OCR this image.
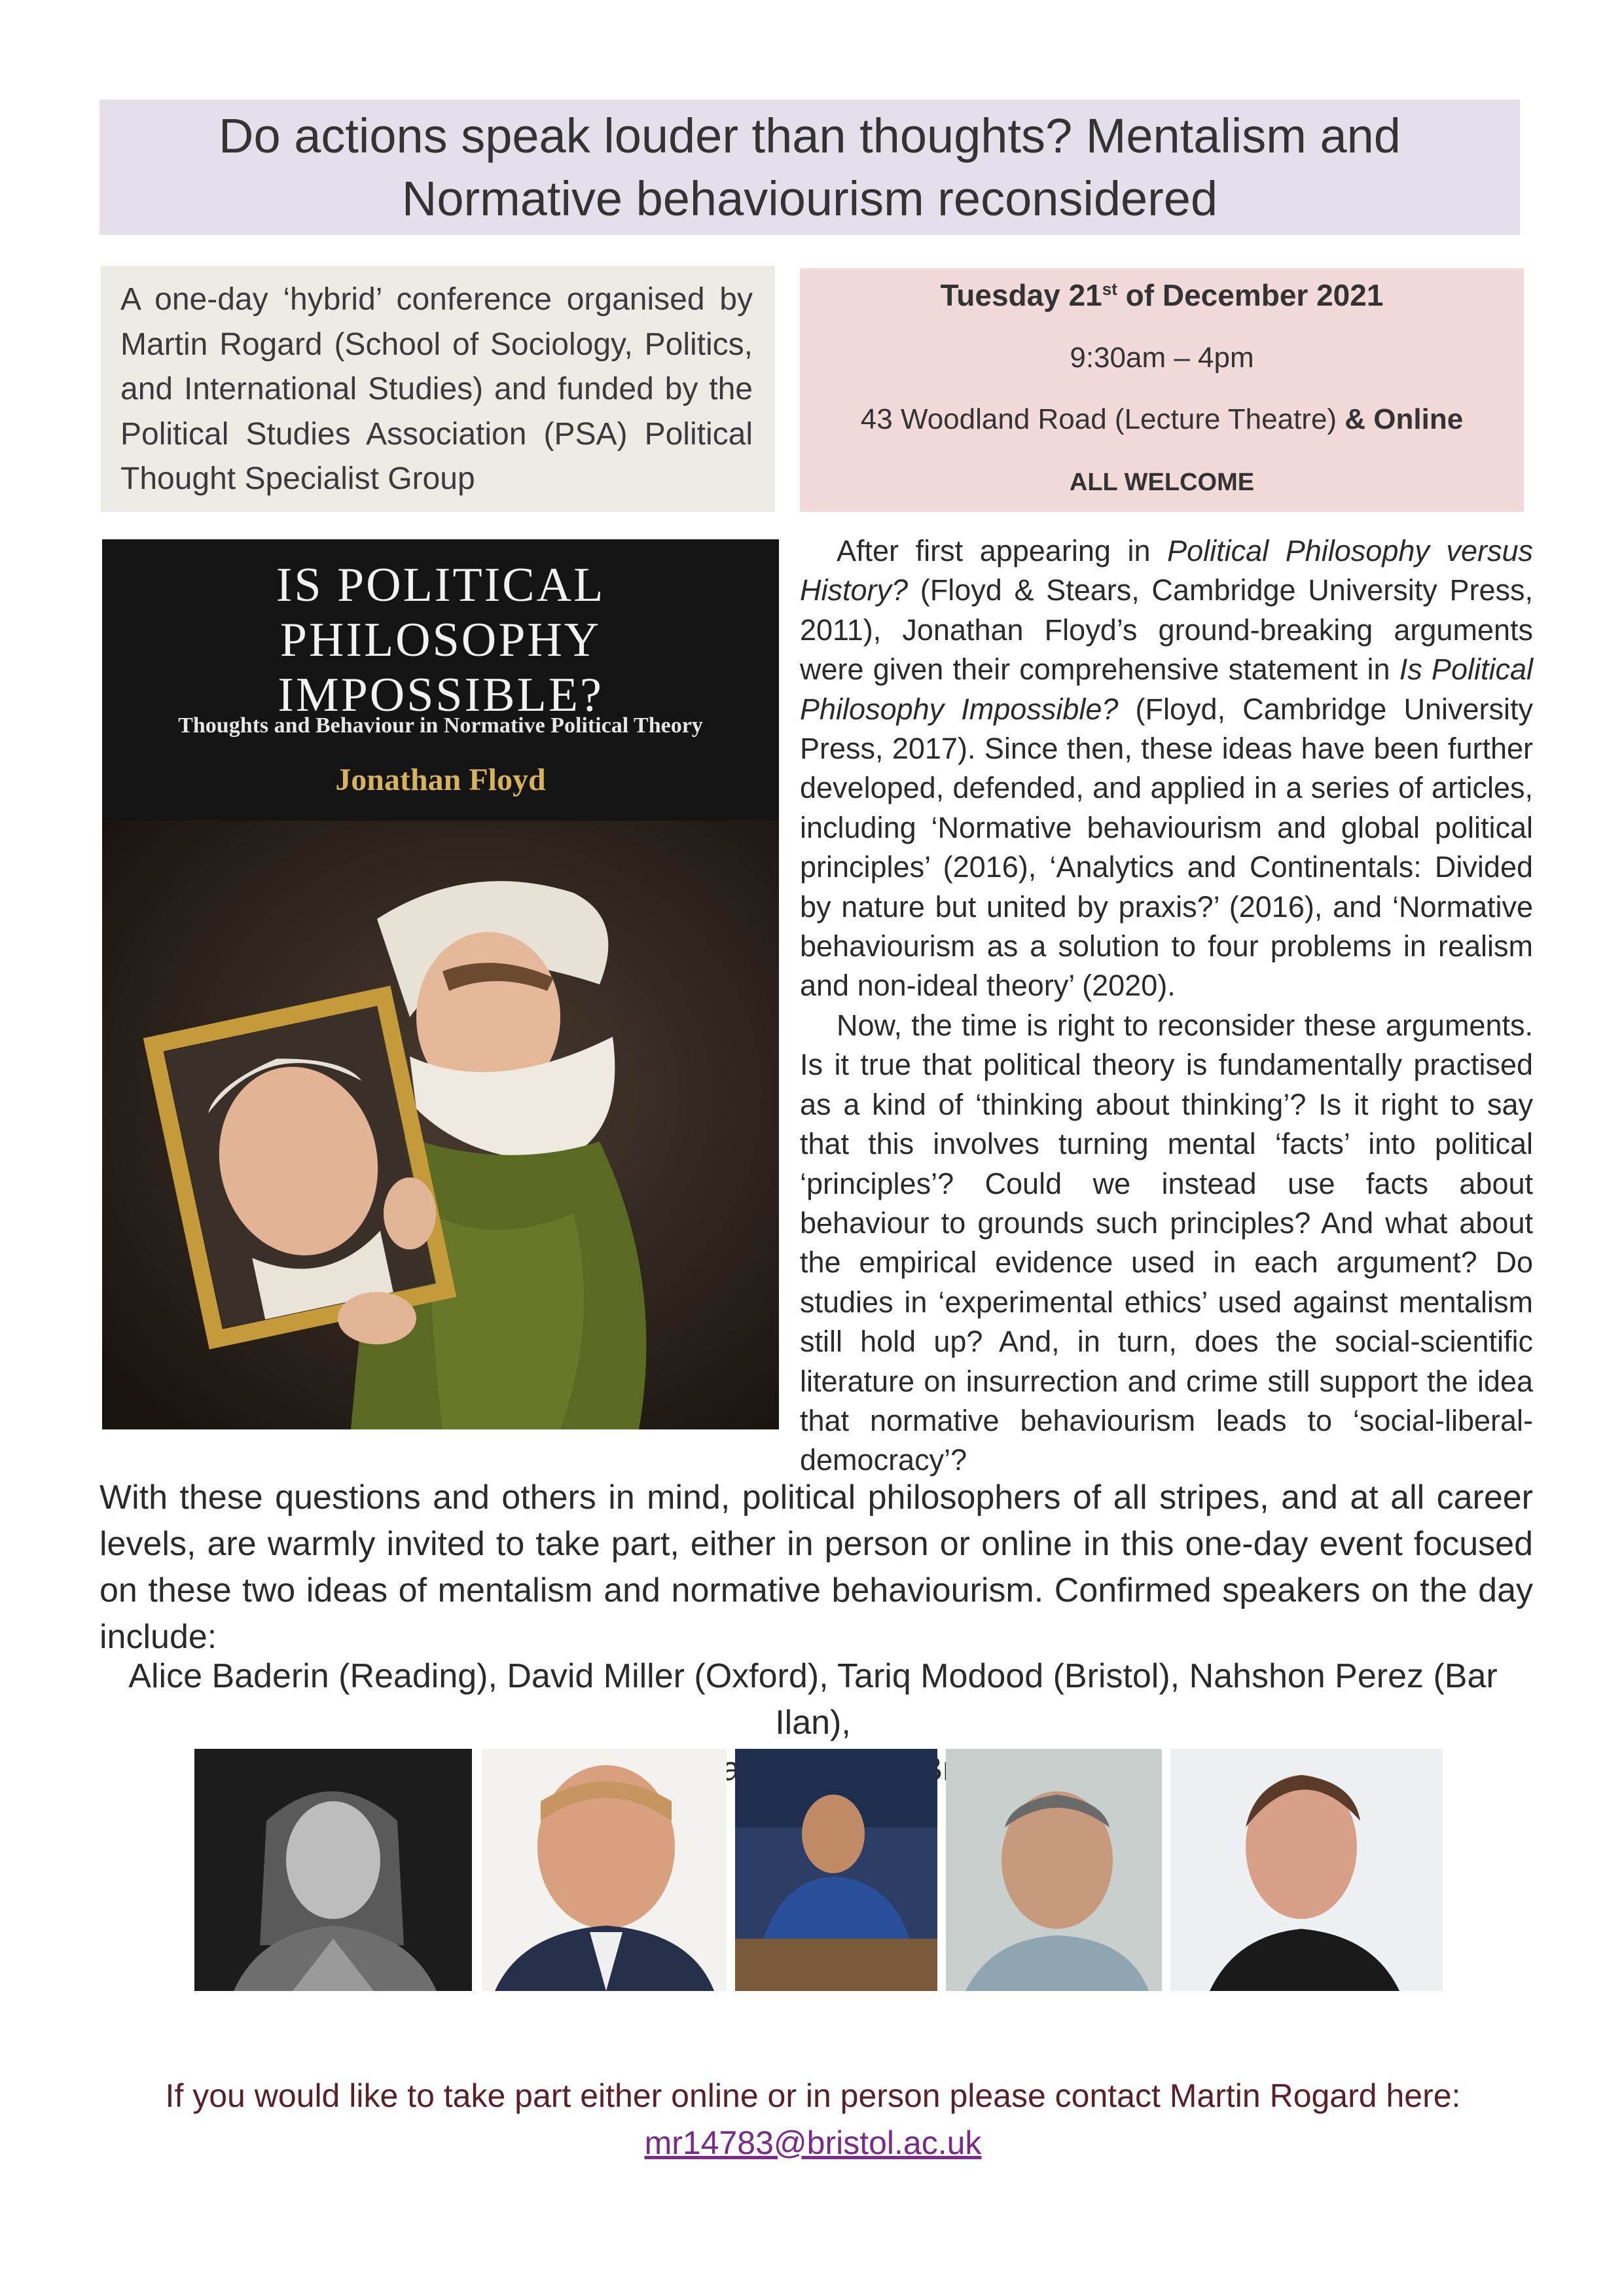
Do actions speak louder than thoughts? Mentalism and
Normative behaviourism reconsidered
A one-day ‘hybrid’ conference organised by Martin Rogard (School of Sociology, Politics, and International Studies) and funded by the Political Studies Association (PSA) Political Thought Specialist Group
Tuesday 21st of December 2021
9:30am – 4pm
43 Woodland Road (Lecture Theatre) & Online
ALL WELCOME
IS POLITICAL
PHILOSOPHY
IMPOSSIBLE?
Thoughts and Behaviour in Normative Political Theory
Jonathan Floyd

After first appearing in Political Philosophy versus History? (Floyd & Stears, Cambridge University Press, 2011), Jonathan Floyd’s ground-breaking arguments were given their comprehensive statement in Is Political Philosophy Impossible? (Floyd, Cambridge University Press, 2017). Since then, these ideas have been further developed, defended, and applied in a series of articles, including ‘Normative behaviourism and global political principles’ (2016), ‘Analytics and Continentals: Divided by nature but united by praxis?’ (2016), and ‘Normative behaviourism as a solution to four problems in realism and non-ideal theory’ (2020).

Now, the time is right to reconsider these arguments. Is it true that political theory is fundamentally practised as a kind of ‘thinking about thinking’? Is it right to say that this involves turning mental ‘facts’ into political ‘principles’? Could we instead use facts about behaviour to grounds such principles? And what about the empirical evidence used in each argument? Do studies in ‘experimental ethics’ used against mentalism still hold up? And, in turn, does the social-scientific literature on insurrection and crime still support the idea that normative behaviourism leads to ‘social-liberal-democracy’?

With these questions and others in mind, political philosophers of all stripes, and at all career levels, are warmly invited to take part, either in person or online in this one-day event focused on these two ideas of mentalism and normative behaviourism. Confirmed speakers on the day include:

Alice Baderin (Reading), David Miller (Oxford), Tariq Modood (Bristol), Nahshon Perez (Bar Ilan),

If you would like to take part either online or in person please contact Martin Rogard here:
mr14783@bristol.ac.uk
